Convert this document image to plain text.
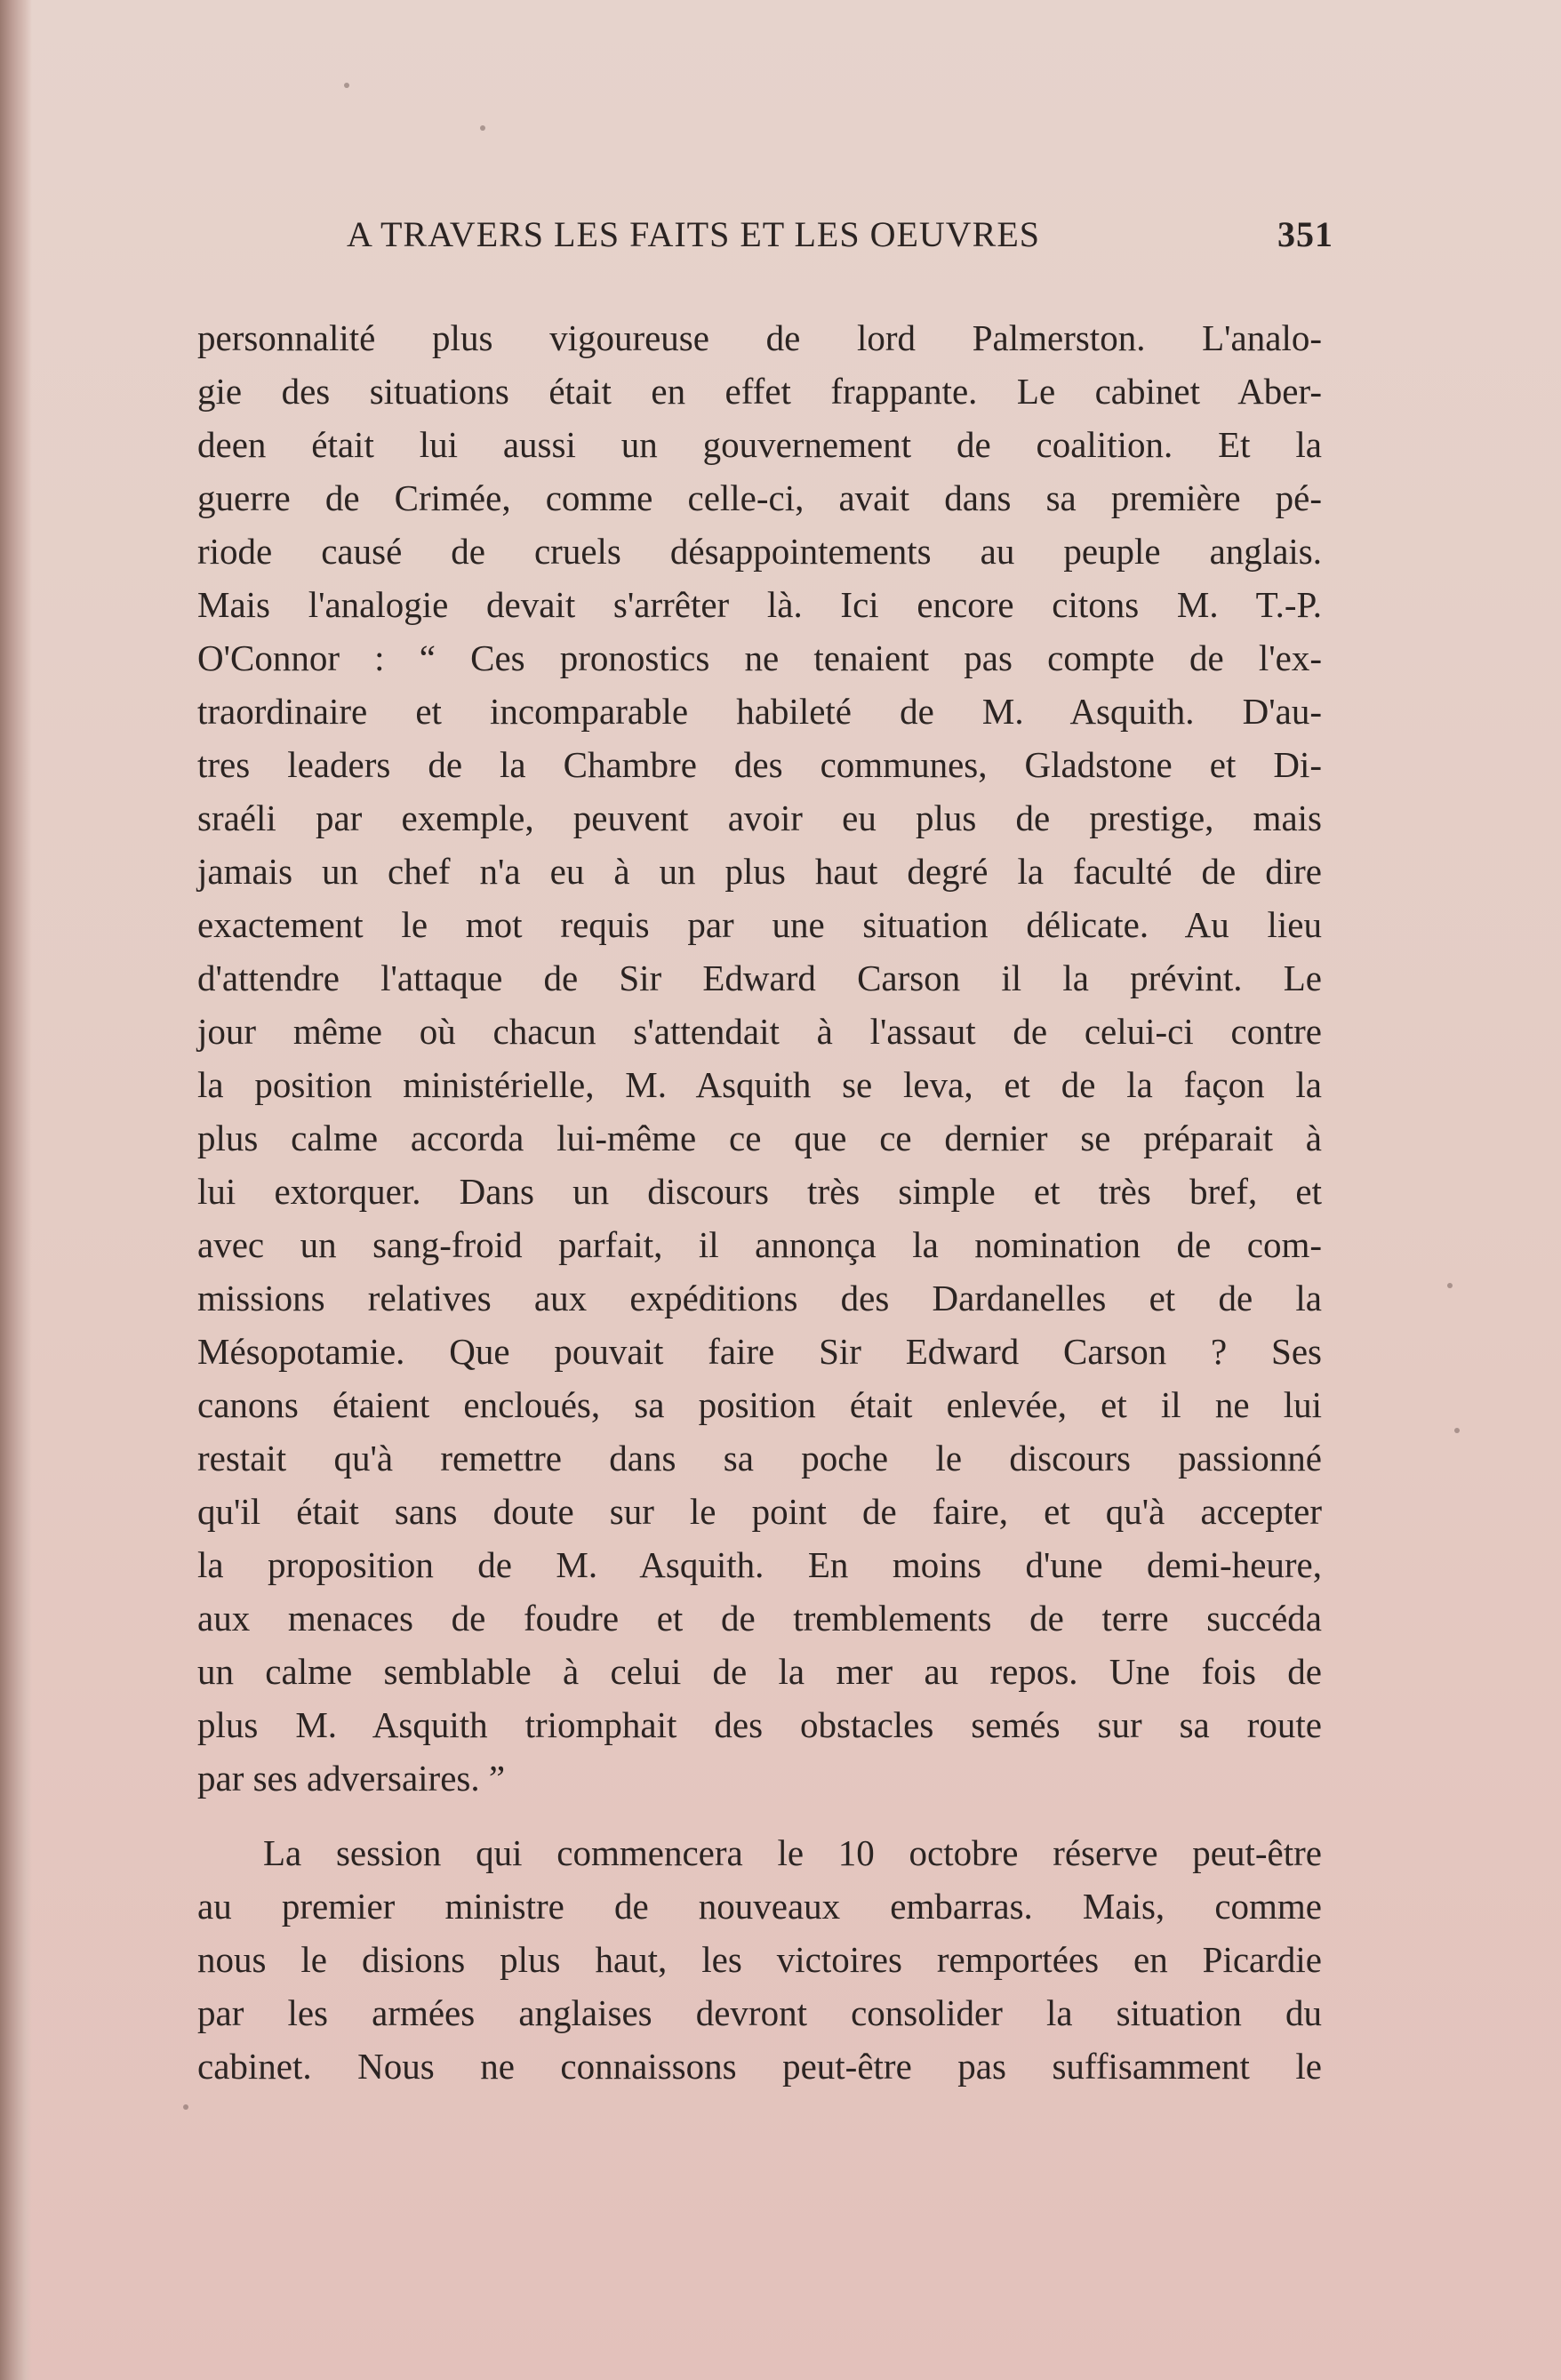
A TRAVERS LES FAITS ET LES OEUVRES	351
personnalité plus vigoureuse de lord Palmerston. L'analo-
gie des situations était en effet frappante. Le cabinet Aber-
deen était lui aussi un gouvernement de coalition. Et la
guerre de Crimée, comme celle-ci, avait dans sa première pé-
riode causé de cruels désappointements au peuple anglais.
Mais l'analogie devait s'arrêter là. Ici encore citons M. T.-P.
O'Connor : “ Ces pronostics ne tenaient pas compte de l'ex-
traordinaire et incomparable habileté de M. Asquith. D'au-
tres leaders de la Chambre des communes, Gladstone et Di-
sraéli par exemple, peuvent avoir eu plus de prestige, mais
jamais un chef n'a eu à un plus haut degré la faculté de dire
exactement le mot requis par une situation délicate. Au lieu
d'attendre l'attaque de Sir Edward Carson il la prévint. Le
jour même où chacun s'attendait à l'assaut de celui-ci contre
la position ministérielle, M. Asquith se leva, et de la façon la
plus calme accorda lui-même ce que ce dernier se préparait à
lui extorquer. Dans un discours très simple et très bref, et
avec un sang-froid parfait, il annonça la nomination de com-
missions relatives aux expéditions des Dardanelles et de la
Mésopotamie. Que pouvait faire Sir Edward Carson ? Ses
canons étaient encloués, sa position était enlevée, et il ne lui
restait qu'à remettre dans sa poche le discours passionné
qu'il était sans doute sur le point de faire, et qu'à accepter
la proposition de M. Asquith. En moins d'une demi-heure,
aux menaces de foudre et de tremblements de terre succéda
un calme semblable à celui de la mer au repos. Une fois de
plus M. Asquith triomphait des obstacles semés sur sa route
par ses adversaires. ”
La session qui commencera le 10 octobre réserve peut-être
au premier ministre de nouveaux embarras. Mais, comme
nous le disions plus haut, les victoires remportées en Picardie
par les armées anglaises devront consolider la situation du
cabinet. Nous ne connaissons peut-être pas suffisamment le
